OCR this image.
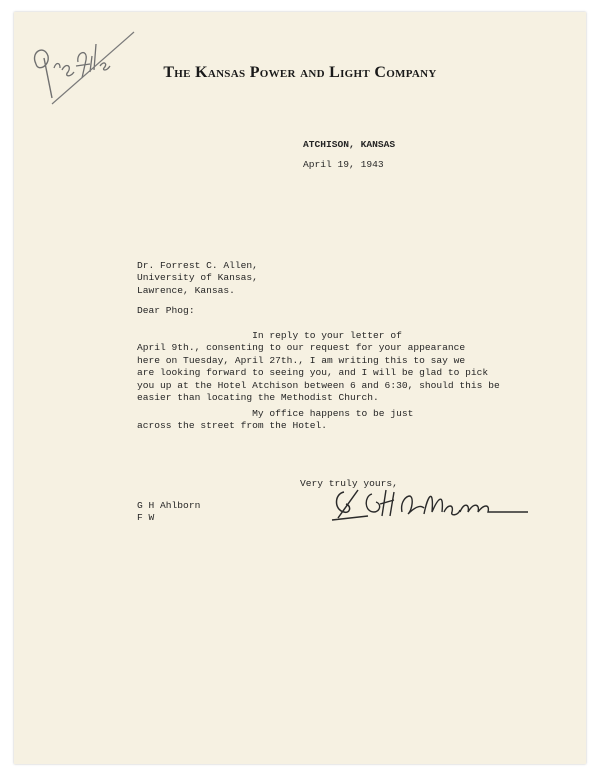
The Kansas Power and Light Company
ATCHISON, KANSAS
April 19, 1943
Dr. Forrest C. Allen,
University of Kansas,
Lawrence, Kansas.
Dear Phog:
In reply to your letter of
April 9th., consenting to our request for your appearance
here on Tuesday, April 27th., I am writing this to say we
are looking forward to seeing you, and I will be glad to pick
you up at the Hotel Atchison between 6 and 6:30, should this be
easier than locating the Methodist Church.
My office happens to be just
across the street from the Hotel.
Very truly yours,
G H Ahlborn
F W
